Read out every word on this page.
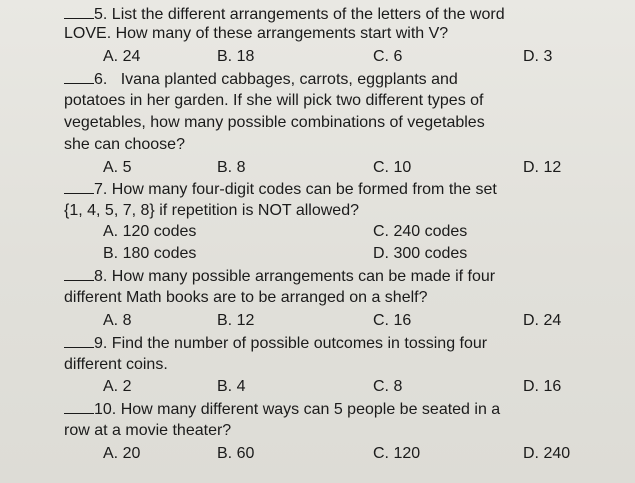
5. List the different arrangements of the letters of the word
LOVE. How many of these arrangements start with V?
A. 24	B. 18	C. 6	D. 3
6. Ivana planted cabbages, carrots, eggplants and
potatoes in her garden. If she will pick two different types of
vegetables, how many possible combinations of vegetables
she can choose?
A. 5	B. 8	C. 10	D. 12
7. How many four-digit codes can be formed from the set
{1, 4, 5, 7, 8} if repetition is NOT allowed?
A. 120 codes	C. 240 codes
B. 180 codes	D. 300 codes
8. How many possible arrangements can be made if four
different Math books are to be arranged on a shelf?
A. 8	B. 12	C. 16	D. 24
9. Find the number of possible outcomes in tossing four
different coins.
A. 2	B. 4	C. 8	D. 16
10. How many different ways can 5 people be seated in a
row at a movie theater?
A. 20	B. 60	C. 120	D. 240
